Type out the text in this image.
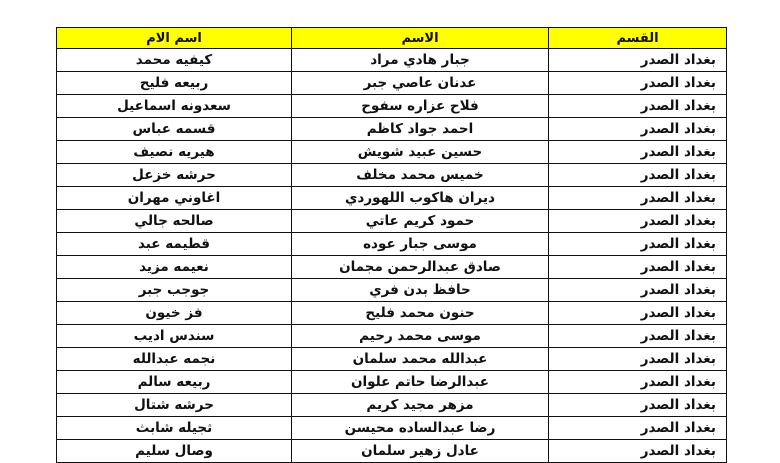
القسم	الاسم	اسم الام
بغداد الصدر	جبار هادي مراد	كيفيه محمد
بغداد الصدر	عدنان عاصي جبر	ربيعه فليح
بغداد الصدر	فلاح عزاره سفوح	سعدونه اسماعيل
بغداد الصدر	احمد جواد كاظم	قسمه عباس
بغداد الصدر	حسين عبيد شويش	هيريه نصيف
بغداد الصدر	خميس محمد مخلف	حرشه خزعل
بغداد الصدر	ديران هاكوب اللهوردي	اغاوني مهران
بغداد الصدر	حمود كريم عاتي	صالحه جالي
بغداد الصدر	موسى جبار عوده	قطيمه عبد
بغداد الصدر	صادق عبدالرحمن مجمان	نعيمه مزيد
بغداد الصدر	حافظ بدن فري	جوجب جبر
بغداد الصدر	حنون محمد فليح	فز خيون
بغداد الصدر	موسى محمد رحيم	سندس اديب
بغداد الصدر	عبدالله محمد سلمان	نجمه عبدالله
بغداد الصدر	عبدالرضا حاتم علوان	ربيعه سالم
بغداد الصدر	مزهر مجيد كريم	حرشه شتال
بغداد الصدر	رضا عبدالساده محيسن	ثجيله شابث
بغداد الصدر	عادل زهير سلمان	وصال سليم
